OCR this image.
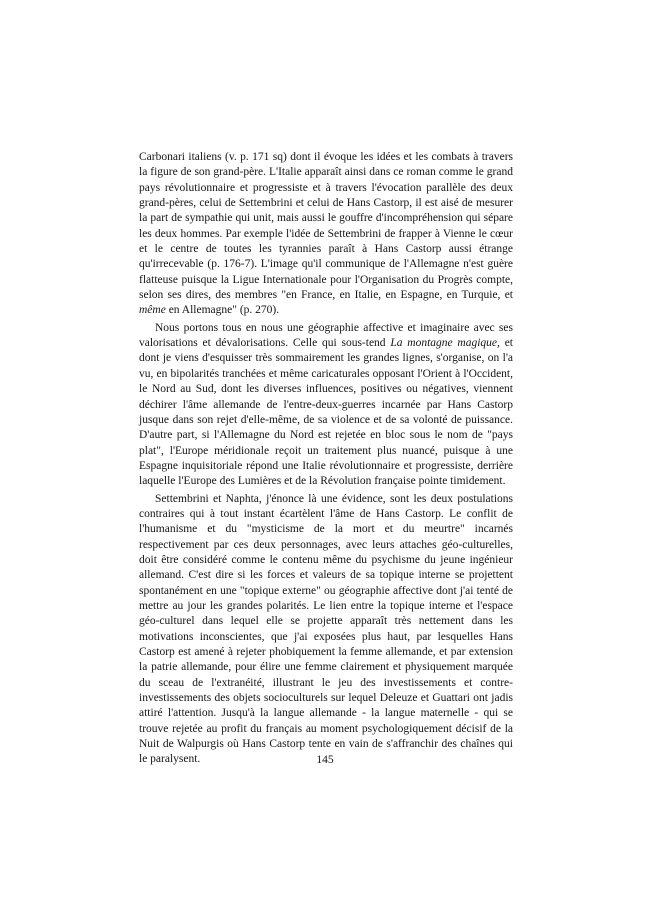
Carbonari italiens (v. p. 171 sq) dont il évoque les idées et les combats à travers la figure de son grand-père. L'Italie apparaît ainsi dans ce roman comme le grand pays révolutionnaire et progressiste et à travers l'évocation parallèle des deux grand-pères, celui de Settembrini et celui de Hans Castorp, il est aisé de mesurer la part de sympathie qui unit, mais aussi le gouffre d'incompréhension qui sépare les deux hommes. Par exemple l'idée de Settembrini de frapper à Vienne le cœur et le centre de toutes les tyrannies paraît à Hans Castorp aussi étrange qu'irrecevable (p. 176-7). L'image qu'il communique de l'Allemagne n'est guère flatteuse puisque la Ligue Internationale pour l'Organisation du Progrès compte, selon ses dires, des membres "en France, en Italie, en Espagne, en Turquie, et même en Allemagne" (p. 270).

Nous portons tous en nous une géographie affective et imaginaire avec ses valorisations et dévalorisations. Celle qui sous-tend La montagne magique, et dont je viens d'esquisser très sommairement les grandes lignes, s'organise, on l'a vu, en bipolarités tranchées et même caricaturales opposant l'Orient à l'Occident, le Nord au Sud, dont les diverses influences, positives ou négatives, viennent déchirer l'âme allemande de l'entre-deux-guerres incarnée par Hans Castorp jusque dans son rejet d'elle-même, de sa violence et de sa volonté de puissance. D'autre part, si l'Allemagne du Nord est rejetée en bloc sous le nom de "pays plat", l'Europe méridionale reçoit un traitement plus nuancé, puisque à une Espagne inquisitoriale répond une Italie révolutionnaire et progressiste, derrière laquelle l'Europe des Lumières et de la Révolution française pointe timidement.

Settembrini et Naphta, j'énonce là une évidence, sont les deux postulations contraires qui à tout instant écartèlent l'âme de Hans Castorp. Le conflit de l'humanisme et du "mysticisme de la mort et du meurtre" incarnés respectivement par ces deux personnages, avec leurs attaches géo-culturelles, doit être considéré comme le contenu même du psychisme du jeune ingénieur allemand. C'est dire si les forces et valeurs de sa topique interne se projettent spontanément en une "topique externe" ou géographie affective dont j'ai tenté de mettre au jour les grandes polarités. Le lien entre la topique interne et l'espace géo-culturel dans lequel elle se projette apparaît très nettement dans les motivations inconscientes, que j'ai exposées plus haut, par lesquelles Hans Castorp est amené à rejeter phobiquement la femme allemande, et par extension la patrie allemande, pour élire une femme clairement et physiquement marquée du sceau de l'extranéité, illustrant le jeu des investissements et contre-investissements des objets socioculturels sur lequel Deleuze et Guattari ont jadis attiré l'attention. Jusqu'à la langue allemande - la langue maternelle - qui se trouve rejetée au profit du français au moment psychologiquement décisif de la Nuit de Walpurgis où Hans Castorp tente en vain de s'affranchir des chaînes qui le paralysent.	145
